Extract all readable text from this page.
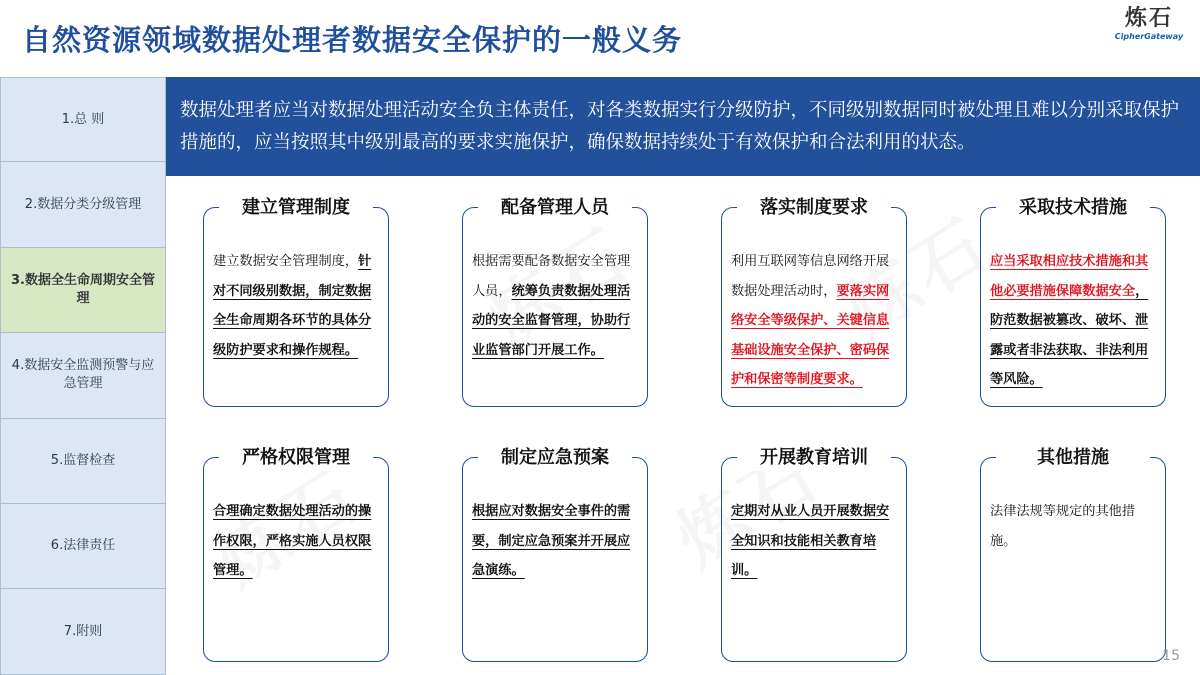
自然资源领域数据处理者数据安全保护的一般义务
炼石
CipherGateway
1.总 则
2.数据分类分级管理
3.数据全生命周期安全管理
4.数据安全监测预警与应急管理
5.监督检查
6.法律责任
7.附则
数据处理者应当对数据处理活动安全负主体责任，对各类数据实行分级防护，不同级别数据同时被处理且难以分别采取保护措施的，应当按照其中级别最高的要求实施保护，确保数据持续处于有效保护和合法利用的状态。
建立管理制度
建立数据安全管理制度，针对不同级别数据，制定数据全生命周期各环节的具体分级防护要求和操作规程。
配备管理人员
根据需要配备数据安全管理人员，统筹负责数据处理活动的安全监督管理，协助行业监管部门开展工作。
落实制度要求
利用互联网等信息网络开展数据处理活动时，要落实网络安全等级保护、关键信息基础设施安全保护、密码保护和保密等制度要求。
采取技术措施
应当采取相应技术措施和其他必要措施保障数据安全，防范数据被篡改、破坏、泄露或者非法获取、非法利用等风险。
严格权限管理
合理确定数据处理活动的操作权限，严格实施人员权限管理。
制定应急预案
根据应对数据安全事件的需要，制定应急预案并开展应急演练。
开展教育培训
定期对从业人员开展数据安全知识和技能相关教育培训。
其他措施
法律法规等规定的其他措施。
15
